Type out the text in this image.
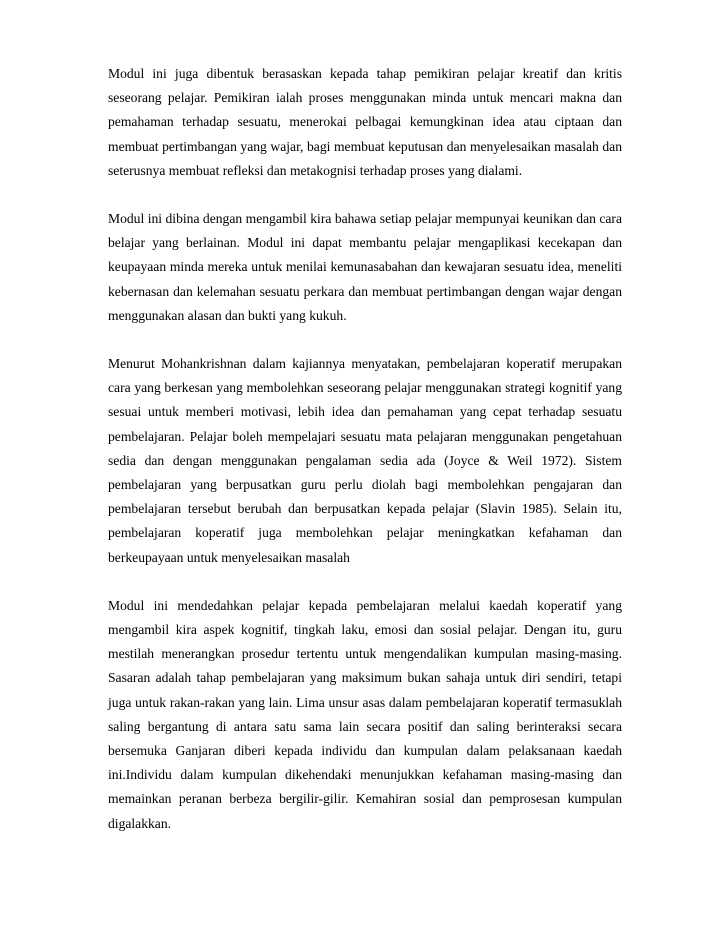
Modul ini juga dibentuk berasaskan kepada tahap pemikiran pelajar kreatif dan kritis seseorang pelajar. Pemikiran ialah proses menggunakan minda untuk mencari makna dan pemahaman terhadap sesuatu, menerokai pelbagai kemungkinan idea atau ciptaan dan membuat pertimbangan yang wajar, bagi membuat keputusan dan menyelesaikan masalah dan seterusnya membuat refleksi dan metakognisi terhadap proses yang dialami.

Modul ini dibina dengan mengambil kira bahawa setiap pelajar mempunyai keunikan dan cara belajar yang berlainan. Modul ini dapat membantu pelajar mengaplikasi kecekapan dan keupayaan minda mereka untuk menilai kemunasabahan dan kewajaran sesuatu idea, meneliti kebernasan dan kelemahan sesuatu perkara dan membuat pertimbangan dengan wajar dengan menggunakan alasan dan bukti yang kukuh.

Menurut Mohankrishnan dalam kajiannya menyatakan, pembelajaran koperatif merupakan cara yang berkesan yang membolehkan seseorang pelajar menggunakan strategi kognitif yang sesuai untuk memberi motivasi, lebih idea dan pemahaman yang cepat terhadap sesuatu pembelajaran. Pelajar boleh mempelajari sesuatu mata pelajaran menggunakan pengetahuan sedia dan dengan menggunakan pengalaman sedia ada (Joyce & Weil 1972). Sistem pembelajaran yang berpusatkan guru perlu diolah bagi membolehkan pengajaran dan pembelajaran tersebut berubah dan berpusatkan kepada pelajar (Slavin 1985). Selain itu, pembelajaran koperatif juga membolehkan pelajar meningkatkan kefahaman dan berkeupayaan untuk menyelesaikan masalah

Modul ini mendedahkan pelajar kepada pembelajaran melalui kaedah koperatif yang mengambil kira aspek kognitif, tingkah laku, emosi dan sosial pelajar. Dengan itu, guru mestilah menerangkan prosedur tertentu untuk mengendalikan kumpulan masing-masing. Sasaran adalah tahap pembelajaran yang maksimum bukan sahaja untuk diri sendiri, tetapi juga untuk rakan-rakan yang lain. Lima unsur asas dalam pembelajaran koperatif termasuklah saling bergantung di antara satu sama lain secara positif dan saling berinteraksi secara bersemuka Ganjaran diberi kepada individu dan kumpulan dalam pelaksanaan kaedah ini.Individu dalam kumpulan dikehendaki menunjukkan kefahaman masing-masing dan memainkan peranan berbeza bergilir-gilir. Kemahiran sosial dan pemprosesan kumpulan digalakkan.
